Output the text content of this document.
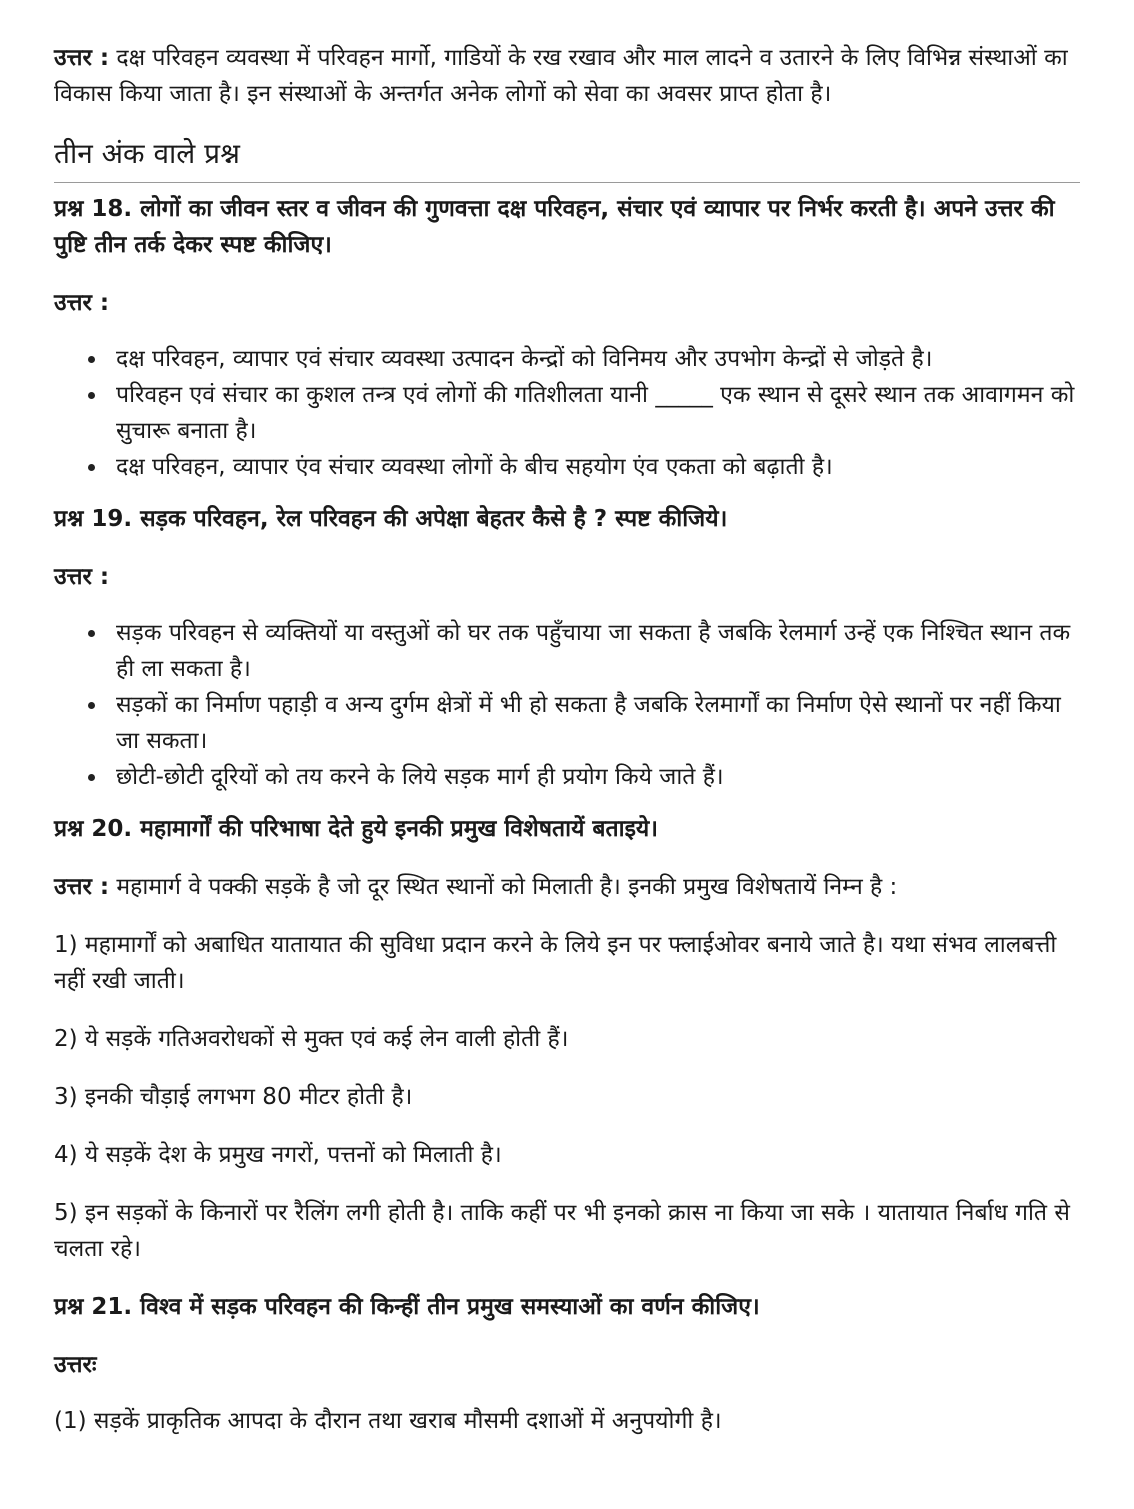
उत्तर : दक्ष परिवहन व्यवस्था में परिवहन मार्गो, गाडियों के रख रखाव और माल लादने व उतारने के लिए विभिन्न संस्थाओं का विकास किया जाता है। इन संस्थाओं के अन्तर्गत अनेक लोगों को सेवा का अवसर प्राप्त होता है।

तीन अंक वाले प्रश्न

प्रश्न 18. लोगों का जीवन स्तर व जीवन की गुणवत्ता दक्ष परिवहन, संचार एवं व्यापार पर निर्भर करती है। अपने उत्तर की पुष्टि तीन तर्क देकर स्पष्ट कीजिए।

उत्तर :

दक्ष परिवहन, व्यापार एवं संचार व्यवस्था उत्पादन केन्द्रों को विनिमय और उपभोग केन्द्रों से जोड़ते है।
परिवहन एवं संचार का कुशल तन्त्र एवं लोगों की गतिशीलता यानी _____ एक स्थान से दूसरे स्थान तक आवागमन को सुचारू बनाता है।
दक्ष परिवहन, व्यापार एंव संचार व्यवस्था लोगों के बीच सहयोग एंव एकता को बढ़ाती है।

प्रश्न 19. सड़क परिवहन, रेल परिवहन की अपेक्षा बेहतर कैसे है ? स्पष्ट कीजिये।

उत्तर :

सड़क परिवहन से व्यक्तियों या वस्तुओं को घर तक पहुँचाया जा सकता है जबकि रेलमार्ग उन्हें एक निश्चित स्थान तक ही ला सकता है।
सड़कों का निर्माण पहाड़ी व अन्य दुर्गम क्षेत्रों में भी हो सकता है जबकि रेलमार्गों का निर्माण ऐसे स्थानों पर नहीं किया जा सकता।
छोटी-छोटी दूरियों को तय करने के लिये सड़क मार्ग ही प्रयोग किये जाते हैं।

प्रश्न 20. महामार्गों की परिभाषा देते हुये इनकी प्रमुख विशेषतायें बताइये।

उत्तर : महामार्ग वे पक्की सड़कें है जो दूर स्थित स्थानों को मिलाती है। इनकी प्रमुख विशेषतायें निम्न है :

1) महामार्गों को अबाधित यातायात की सुविधा प्रदान करने के लिये इन पर फ्लाईओवर बनाये जाते है। यथा संभव लालबत्ती नहीं रखी जाती।

2) ये सड़कें गतिअवरोधकों से मुक्त एवं कई लेन वाली होती हैं।

3) इनकी चौड़ाई लगभग 80 मीटर होती है।

4) ये सड़कें देश के प्रमुख नगरों, पत्तनों को मिलाती है।

5) इन सड़कों के किनारों पर रैलिंग लगी होती है। ताकि कहीं पर भी इनको क्रास ना किया जा सके । यातायात निर्बाध गति से चलता रहे।

प्रश्न 21. विश्व में सड़क परिवहन की किन्हीं तीन प्रमुख समस्याओं का वर्णन कीजिए।

उत्तरः

(1) सड़कें प्राकृतिक आपदा के दौरान तथा खराब मौसमी दशाओं में अनुपयोगी है।
